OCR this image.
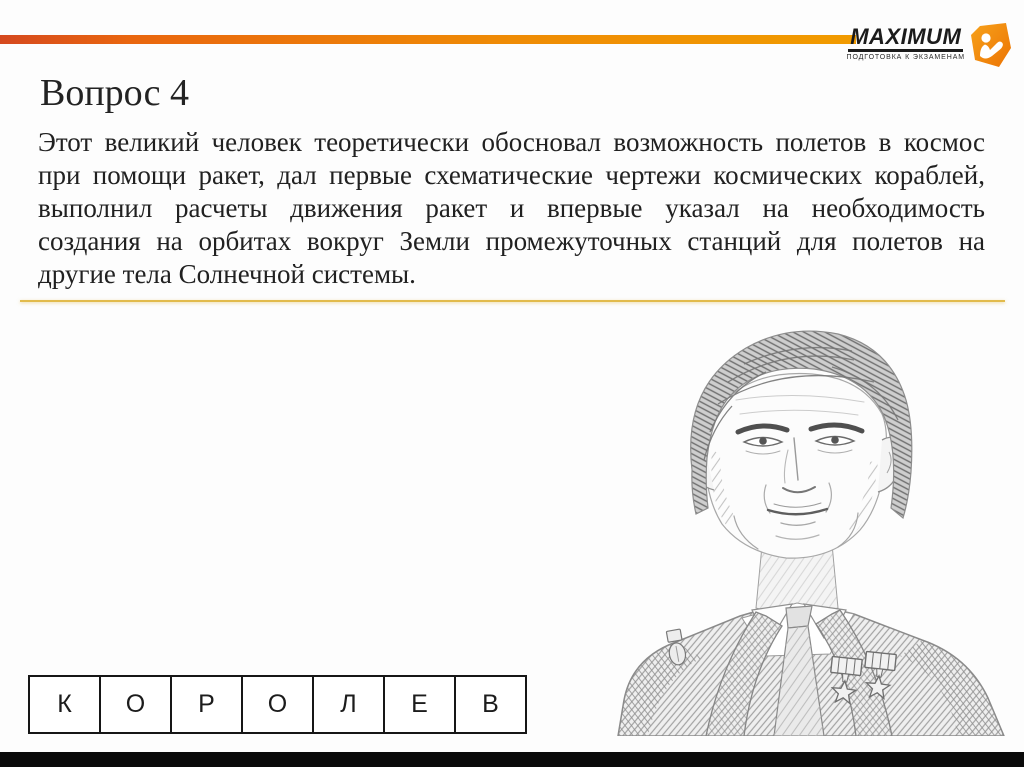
MAXIMUM
ПОДГОТОВКА К ЭКЗАМЕНАМ
Вопрос 4
Этот великий человек теоретически обосновал возможность полетов в космос
при помощи ракет, дал первые схематические чертежи космических кораблей,
выполнил расчеты движения ракет и впервые указал на необходимость
создания на орбитах вокруг Земли промежуточных станций для полетов на
другие тела Солнечной системы.
К	О	Р	О	Л	Е	В
